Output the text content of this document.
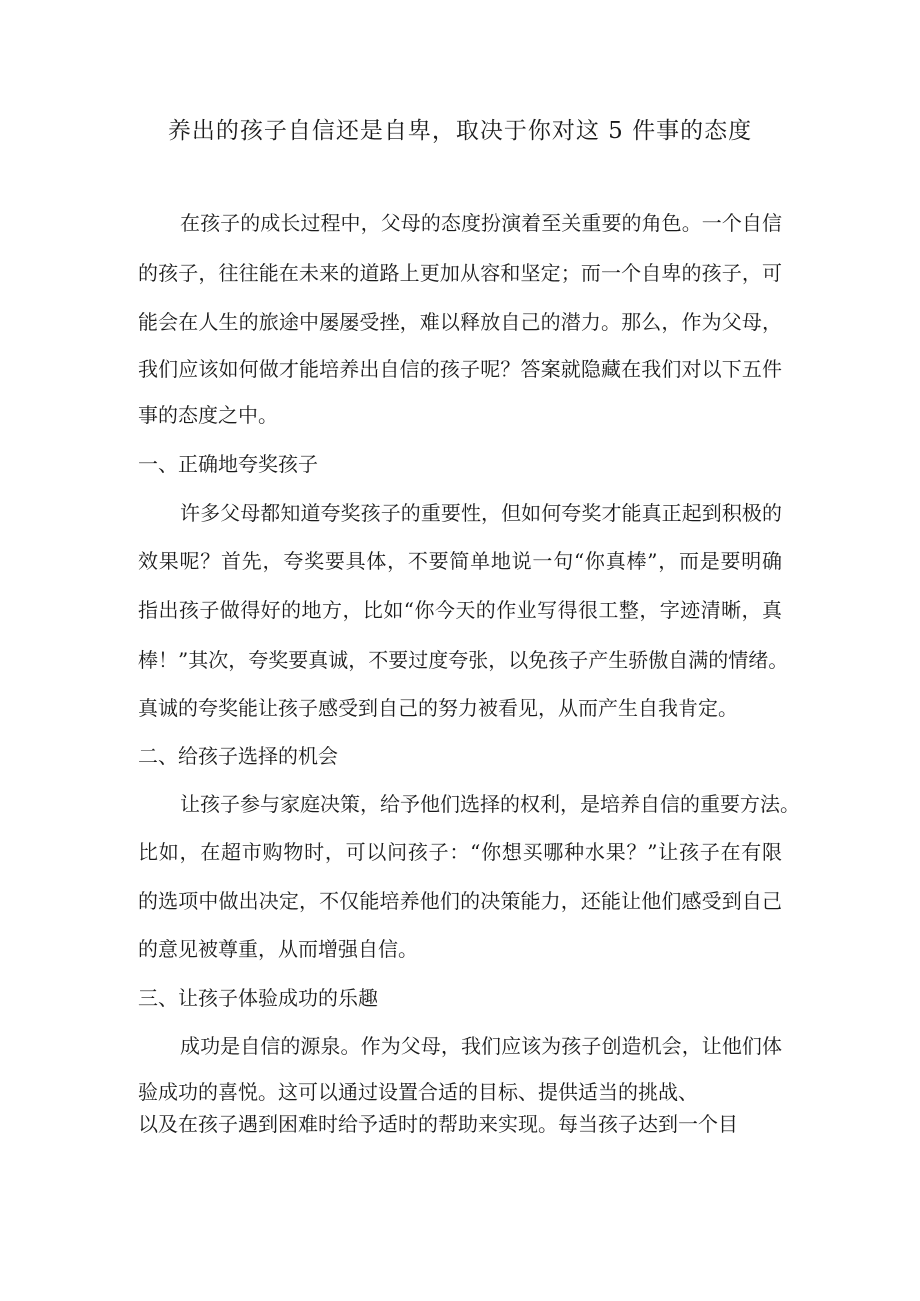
养出的孩子自信还是自卑，取决于你对这 5 件事的态度
在孩子的成长过程中，父母的态度扮演着至关重要的角色。一个自信
的孩子，往往能在未来的道路上更加从容和坚定；而一个自卑的孩子，可
能会在人生的旅途中屡屡受挫，难以释放自己的潜力。那么，作为父母，
我们应该如何做才能培养出自信的孩子呢？答案就隐藏在我们对以下五件
事的态度之中。
一、正确地夸奖孩子
许多父母都知道夸奖孩子的重要性，但如何夸奖才能真正起到积极的
效果呢？首先，夸奖要具体，不要简单地说一句“你真棒”，而是要明确
指出孩子做得好的地方，比如“你今天的作业写得很工整，字迹清晰，真
棒！”其次，夸奖要真诚，不要过度夸张，以免孩子产生骄傲自满的情绪。
真诚的夸奖能让孩子感受到自己的努力被看见，从而产生自我肯定。
二、给孩子选择的机会
让孩子参与家庭决策，给予他们选择的权利，是培养自信的重要方法。
比如，在超市购物时，可以问孩子：“你想买哪种水果？”让孩子在有限
的选项中做出决定，不仅能培养他们的决策能力，还能让他们感受到自己
的意见被尊重，从而增强自信。
三、让孩子体验成功的乐趣
成功是自信的源泉。作为父母，我们应该为孩子创造机会，让他们体
验成功的喜悦。这可以通过设置合适的目标、提供适当的挑战、
以及在孩子遇到困难时给予适时的帮助来实现。每当孩子达到一个目
